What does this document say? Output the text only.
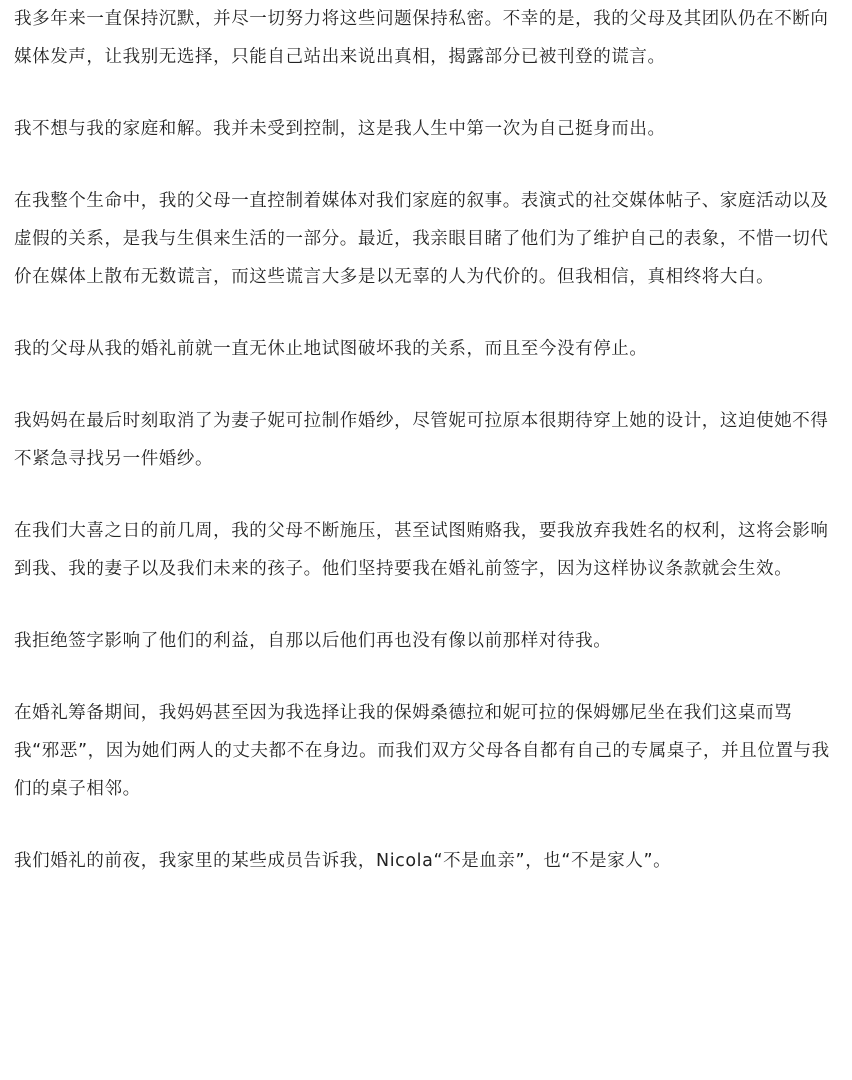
我多年来一直保持沉默，并尽一切努力将这些问题保持私密。不幸的是，我的父母及其团队仍在不断向媒体发声，让我别无选择，只能自己站出来说出真相，揭露部分已被刊登的谎言。

我不想与我的家庭和解。我并未受到控制，这是我人生中第一次为自己挺身而出。

在我整个生命中，我的父母一直控制着媒体对我们家庭的叙事。表演式的社交媒体帖子、家庭活动以及虚假的关系，是我与生俱来生活的一部分。最近，我亲眼目睹了他们为了维护自己的表象，不惜一切代价在媒体上散布无数谎言，而这些谎言大多是以无辜的人为代价的。但我相信，真相终将大白。

我的父母从我的婚礼前就一直无休止地试图破坏我的关系，而且至今没有停止。

我妈妈在最后时刻取消了为妻子妮可拉制作婚纱，尽管妮可拉原本很期待穿上她的设计，这迫使她不得不紧急寻找另一件婚纱。

在我们大喜之日的前几周，我的父母不断施压，甚至试图贿赂我，要我放弃我姓名的权利，这将会影响到我、我的妻子以及我们未来的孩子。他们坚持要我在婚礼前签字，因为这样协议条款就会生效。

我拒绝签字影响了他们的利益，自那以后他们再也没有像以前那样对待我。

在婚礼筹备期间，我妈妈甚至因为我选择让我的保姆桑德拉和妮可拉的保姆娜尼坐在我们这桌而骂我“邪恶”，因为她们两人的丈夫都不在身边。而我们双方父母各自都有自己的专属桌子，并且位置与我们的桌子相邻。

我们婚礼的前夜，我家里的某些成员告诉我，Nicola“不是血亲”，也“不是家人”。
